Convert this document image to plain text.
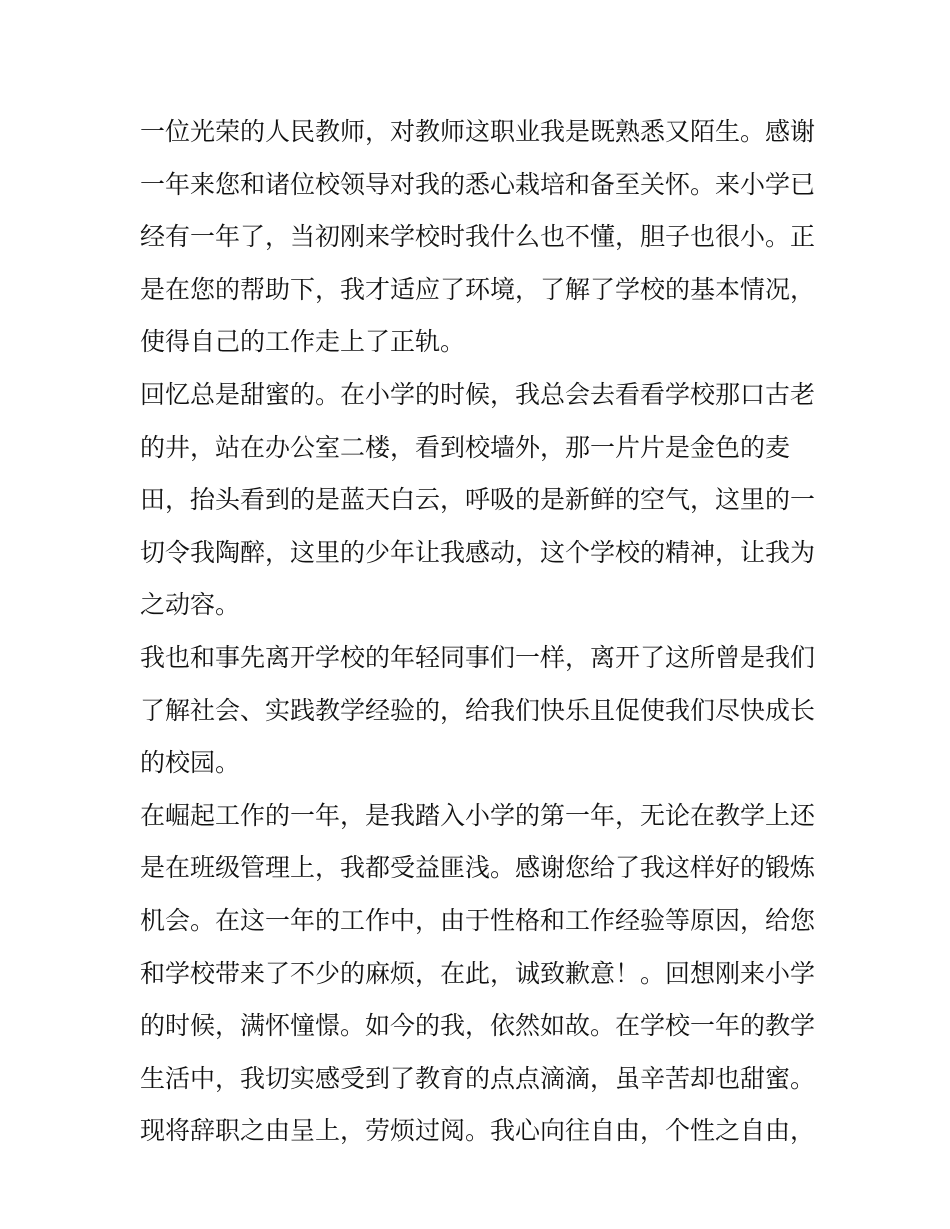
一位光荣的人民教师，对教师这职业我是既熟悉又陌生。感谢
一年来您和诸位校领导对我的悉心栽培和备至关怀。来小学已
经有一年了，当初刚来学校时我什么也不懂，胆子也很小。正
是在您的帮助下，我才适应了环境，了解了学校的基本情况，
使得自己的工作走上了正轨。
回忆总是甜蜜的。在小学的时候，我总会去看看学校那口古老
的井，站在办公室二楼，看到校墙外，那一片片是金色的麦
田，抬头看到的是蓝天白云，呼吸的是新鲜的空气，这里的一
切令我陶醉，这里的少年让我感动，这个学校的精神，让我为
之动容。
我也和事先离开学校的年轻同事们一样，离开了这所曾是我们
了解社会、实践教学经验的，给我们快乐且促使我们尽快成长
的校园。
在崛起工作的一年，是我踏入小学的第一年，无论在教学上还
是在班级管理上，我都受益匪浅。感谢您给了我这样好的锻炼
机会。在这一年的工作中，由于性格和工作经验等原因，给您
和学校带来了不少的麻烦，在此，诚致歉意！。回想刚来小学
的时候，满怀憧憬。如今的我，依然如故。在学校一年的教学
生活中，我切实感受到了教育的点点滴滴，虽辛苦却也甜蜜。
现将辞职之由呈上，劳烦过阅。我心向往自由，个性之自由，
